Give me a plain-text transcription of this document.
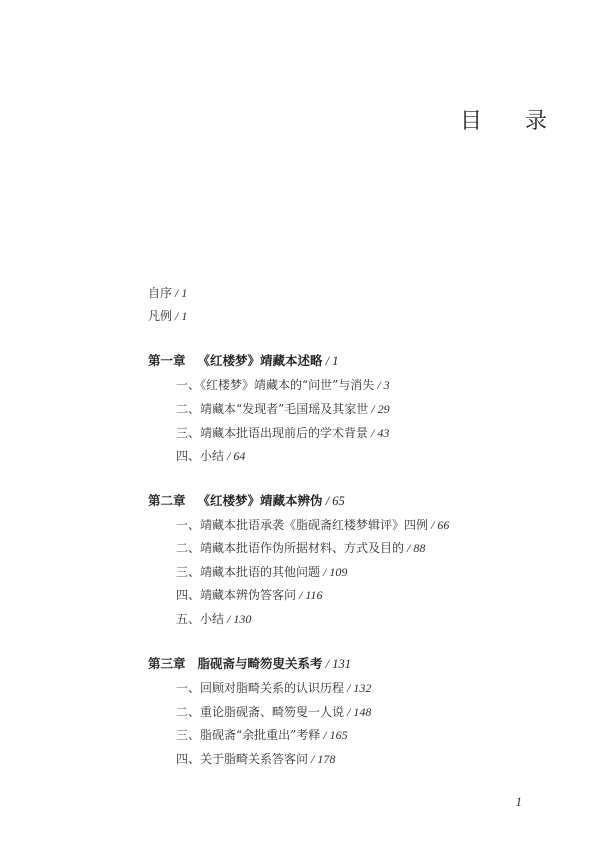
目 录
自序 / 1
凡例 / 1
第一章 《红楼梦》靖藏本述略 / 1
一、《红楼梦》靖藏本的“问世”与消失 / 3
二、靖藏本“发现者”毛国瑶及其家世 / 29
三、靖藏本批语出现前后的学术背景 / 43
四、小结 / 64
第二章 《红楼梦》靖藏本辨伪 / 65
一、靖藏本批语承袭《脂砚斋红楼梦辑评》四例 / 66
二、靖藏本批语作伪所据材料、方式及目的 / 88
三、靖藏本批语的其他问题 / 109
四、靖藏本辨伪答客问 / 116
五、小结 / 130
第三章 脂砚斋与畸笏叟关系考 / 131
一、回顾对脂畸关系的认识历程 / 132
二、重论脂砚斋、畸笏叟一人说 / 148
三、脂砚斋“余批重出”考释 / 165
四、关于脂畸关系答客问 / 178
1
